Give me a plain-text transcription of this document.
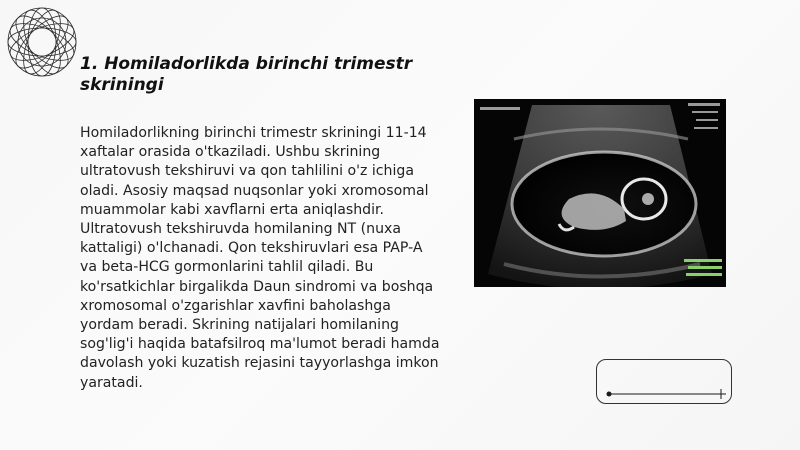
1. Homiladorlikda birinchi trimestr skriningi
Homiladorlikning birinchi trimestr skriningi 11-14 xaftalar orasida o'tkaziladi. Ushbu skrining ultratovush tekshiruvi va qon tahlilini o'z ichiga oladi. Asosiy maqsad nuqsonlar yoki xromosomal muammolar kabi xavflarni erta aniqlashdir. Ultratovush tekshiruvda homilaning NT (nuxa kattaligi) o'lchanadi. Qon tekshiruvlari esa PAP-A va beta-HCG gormonlarini tahlil qiladi. Bu ko'rsatkichlar birgalikda Daun sindromi va boshqa xromosomal o'zgarishlar xavfini baholashga yordam beradi. Skrining natijalari homilaning sog'lig'i haqida batafsilroq ma'lumot beradi hamda davolash yoki kuzatish rejasini tayyorlashga imkon yaratadi.
